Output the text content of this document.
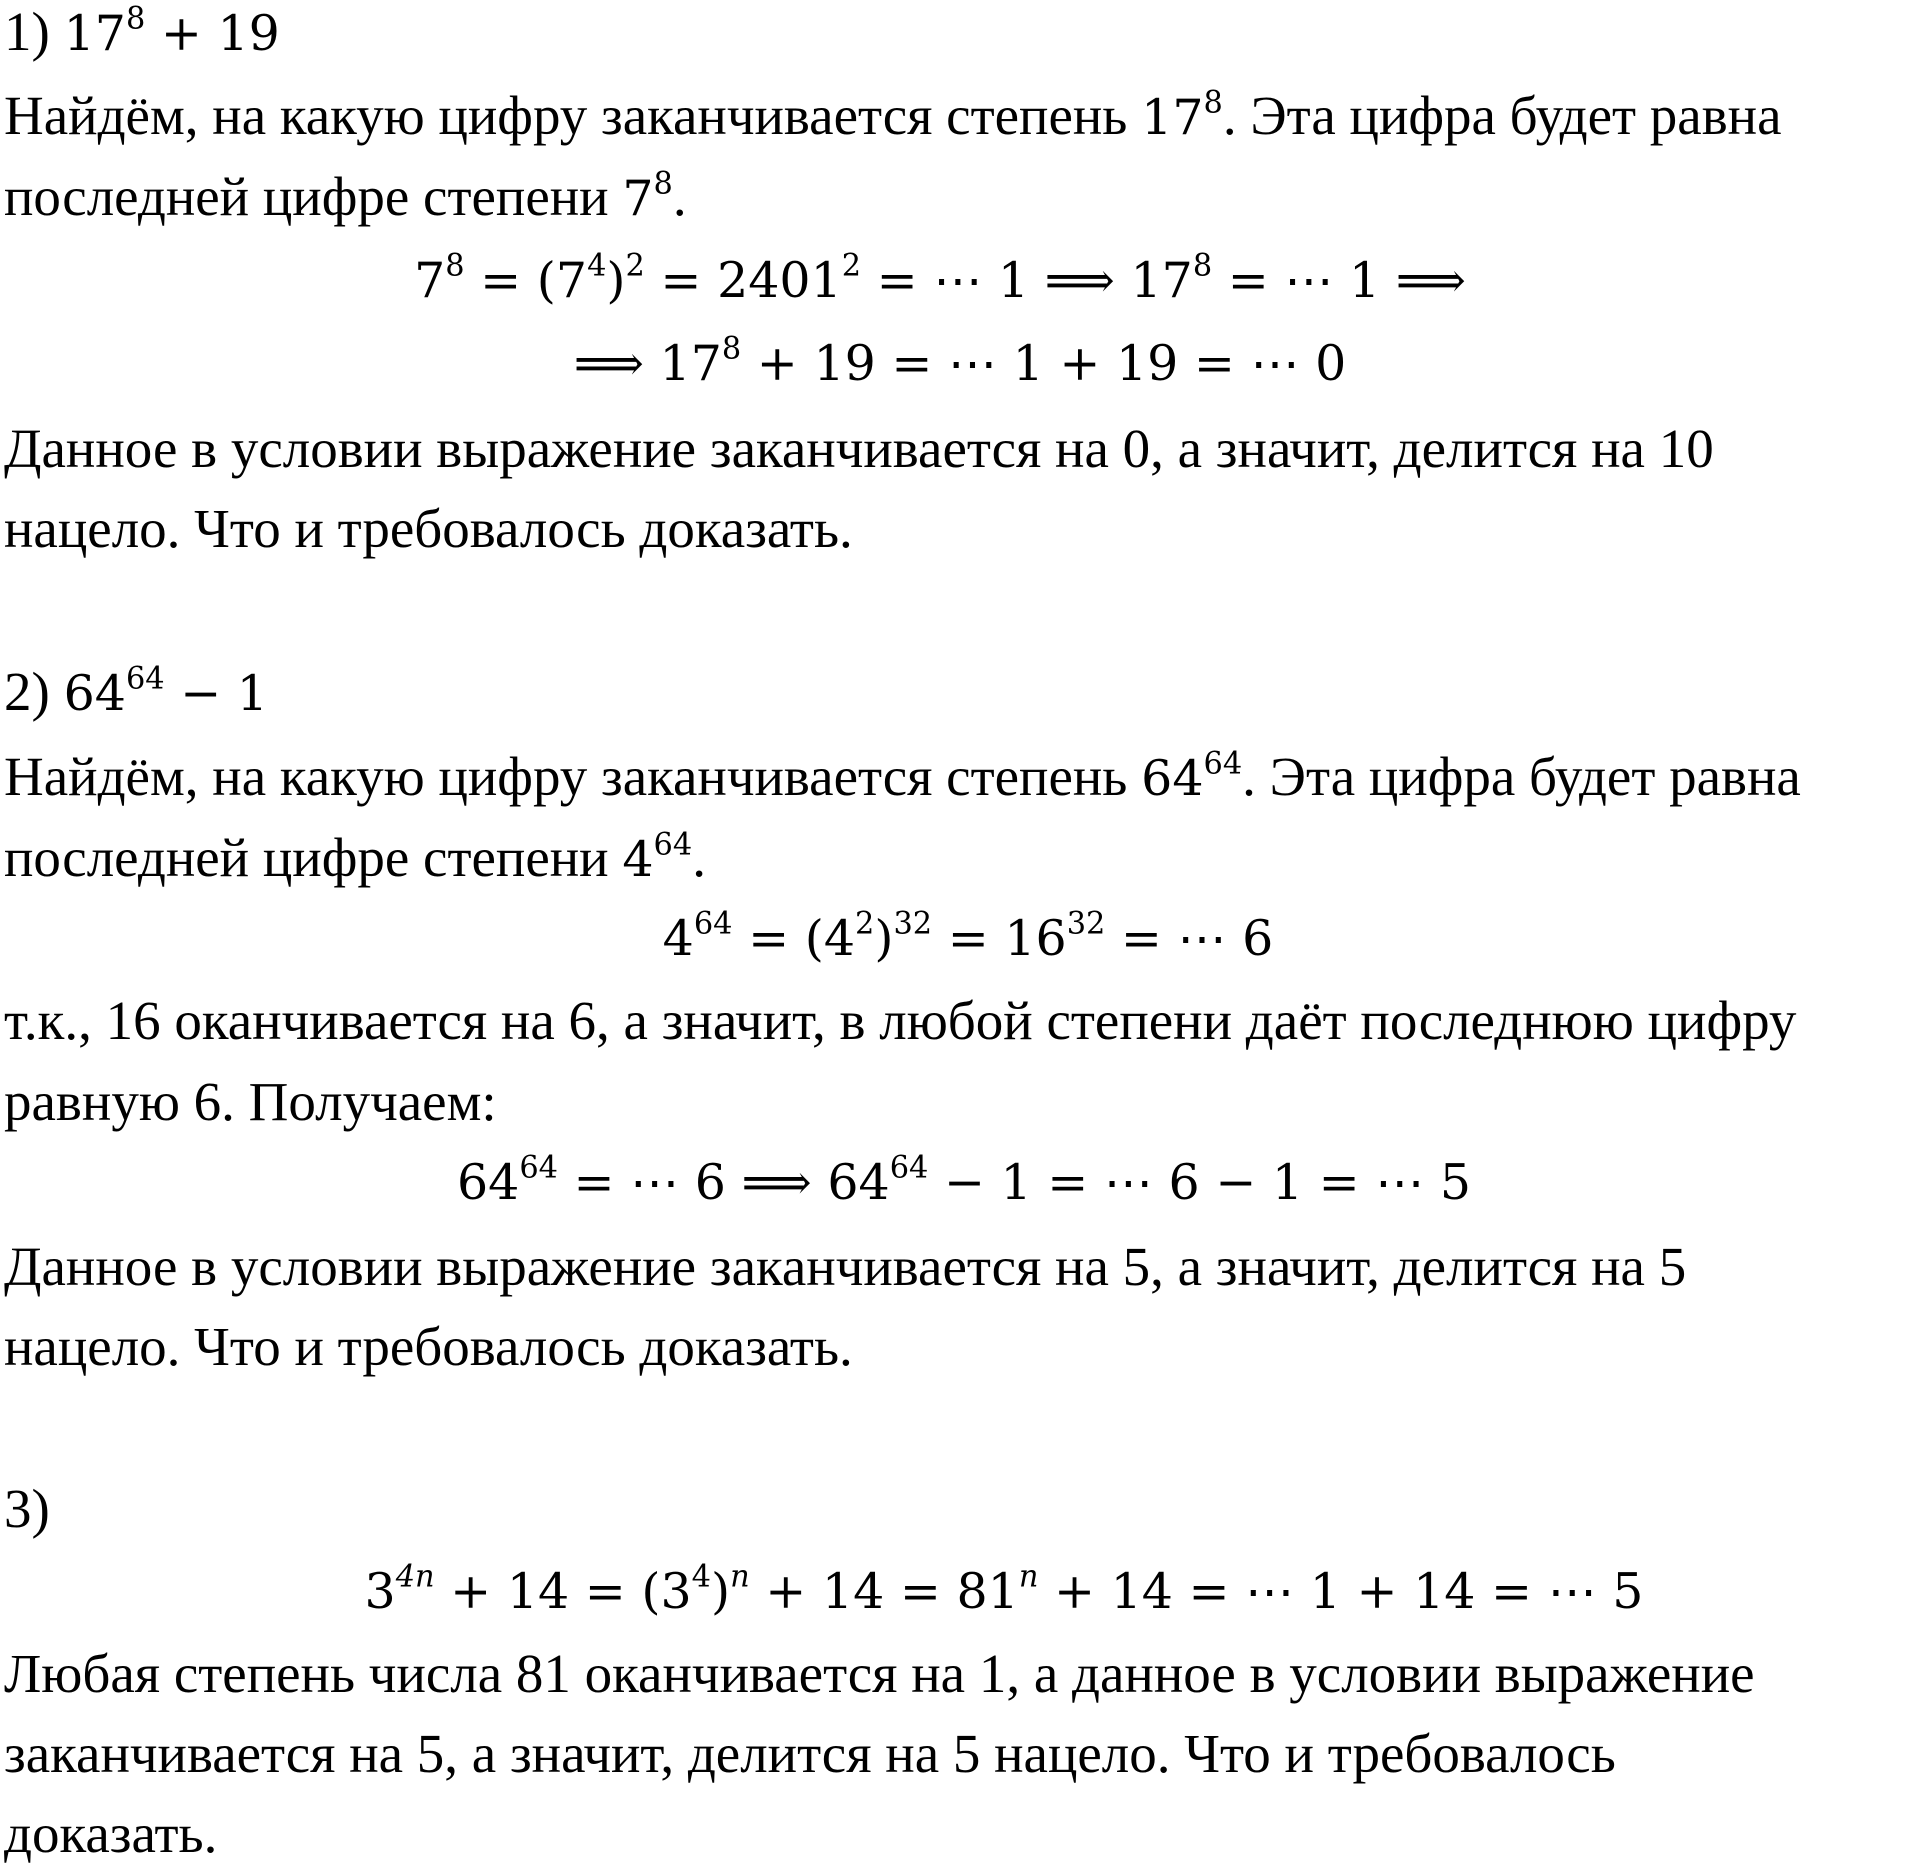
1) $17^8 + 19$
Найдём, на какую цифру заканчивается степень $17^8$. Эта цифра будет равна
последней цифре степени $7^8$.
$7^8 = (7^4)^2 = 2401^2$ = ⋯ 1 ⟹ $17^8$ = ⋯ 1 ⟹
⟹ $17^8 + 19$ = ⋯ 1 + 19 = ⋯ 0
Данное в условии выражение заканчивается на 0, а значит, делится на 10
нацело. Что и требовалось доказать.
2) $64^{64} - 1$
Найдём, на какую цифру заканчивается степень $64^{64}$. Эта цифра будет равна
последней цифре степени $4^{64}$.
$4^{64} = (4^2)^{32} = 16^{32}$ = ⋯ 6
т.к., 16 оканчивается на 6, а значит, в любой степени даёт последнюю цифру
равную 6. Получаем:
$64^{64}$ = ⋯ 6 ⟹ $64^{64} - 1$ = ⋯ 6 − 1 = ⋯ 5
Данное в условии выражение заканчивается на 5, а значит, делится на 5
нацело. Что и требовалось доказать.
3)
$3^{4n} + 14 = (3^4)^n + 14 = 81^n + 14$ = ⋯ 1 + 14 = ⋯ 5
Любая степень числа 81 оканчивается на 1, а данное в условии выражение
заканчивается на 5, а значит, делится на 5 нацело. Что и требовалось
доказать.
